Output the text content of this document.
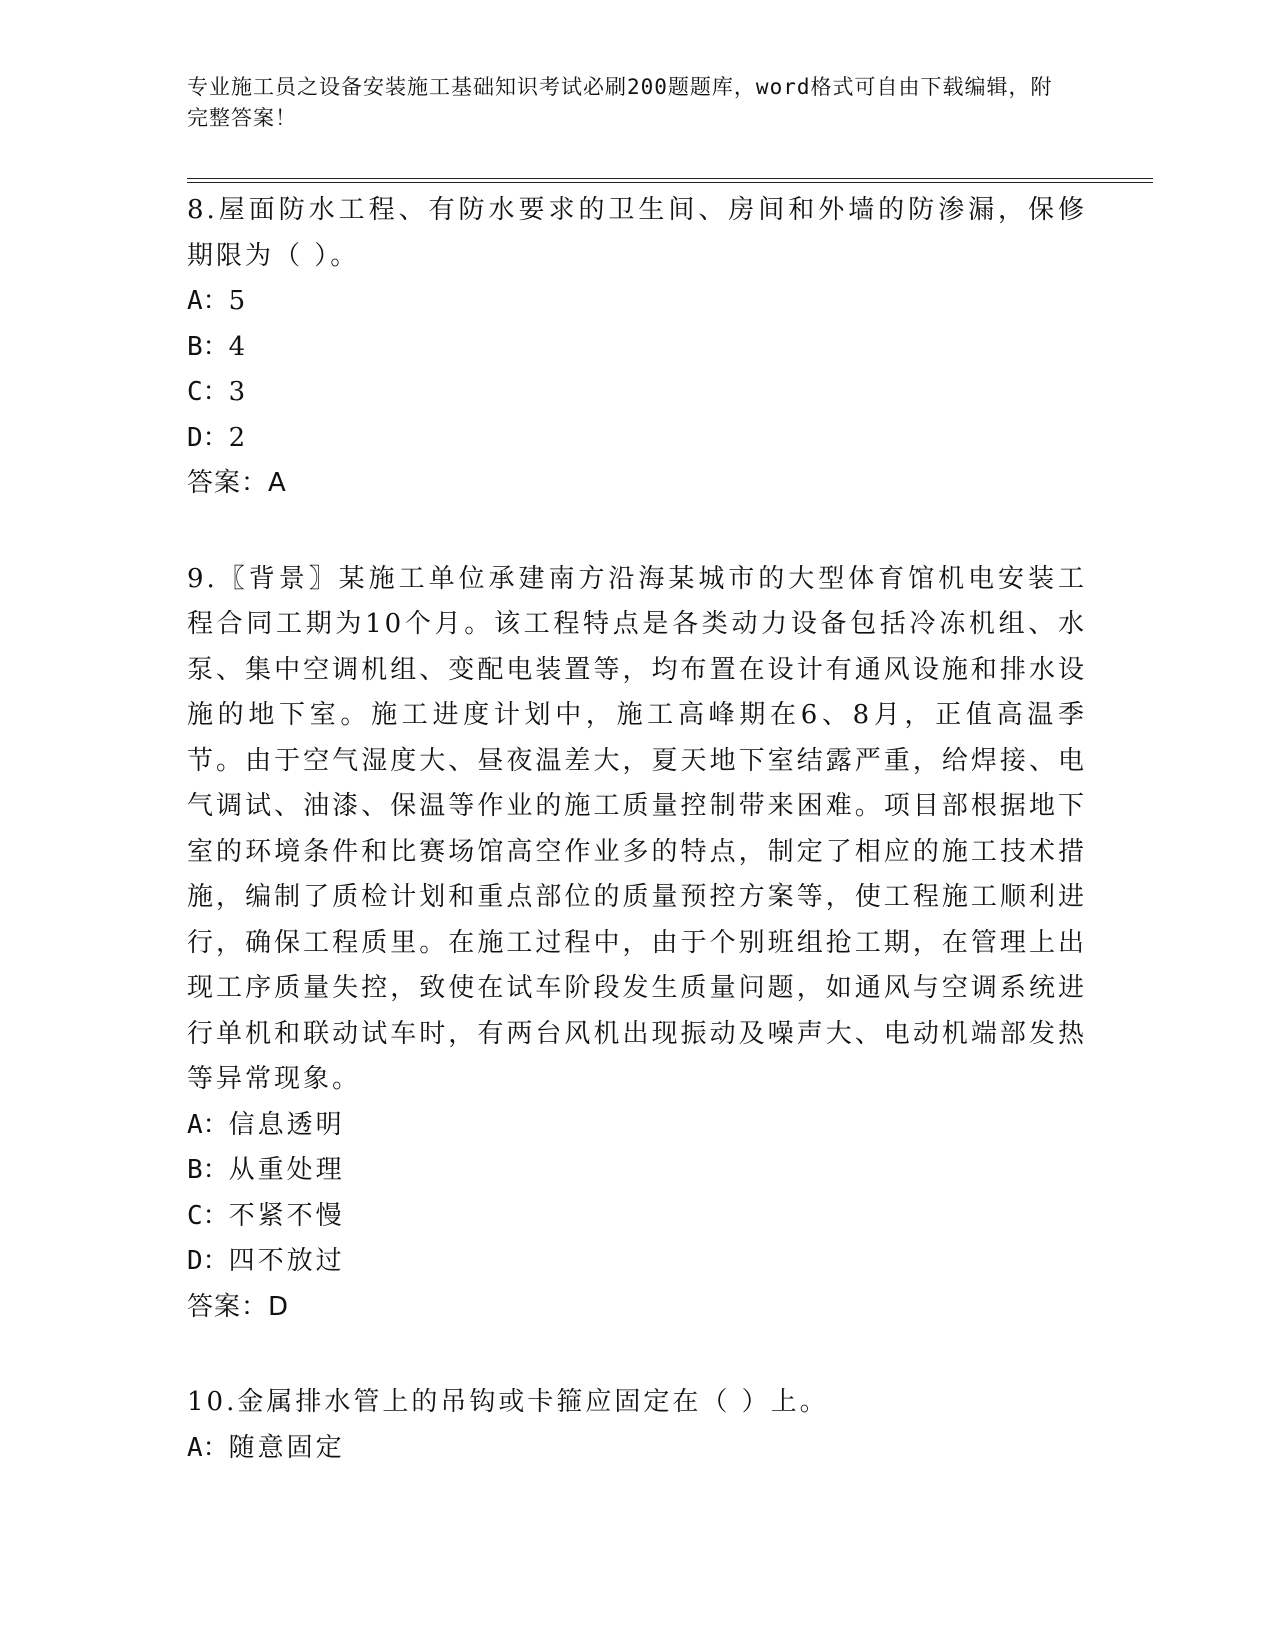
专业施工员之设备安装施工基础知识考试必刷200题题库，word格式可自由下载编辑，附完整答案！

8.屋面防水工程、有防水要求的卫生间、房间和外墙的防渗漏，保修期限为（ ）。

A：5
B：4
C：3
D：2
答案：A

9.〖背景〗某施工单位承建南方沿海某城市的大型体育馆机电安装工程合同工期为10个月。该工程特点是各类动力设备包括冷冻机组、水泵、集中空调机组、变配电装置等，均布置在设计有通风设施和排水设施的地下室。施工进度计划中，施工高峰期在6、8月，正值高温季节。由于空气湿度大、昼夜温差大，夏天地下室结露严重，给焊接、电气调试、油漆、保温等作业的施工质量控制带来困难。项目部根据地下室的环境条件和比赛场馆高空作业多的特点，制定了相应的施工技术措施，编制了质检计划和重点部位的质量预控方案等，使工程施工顺利进行，确保工程质里。在施工过程中，由于个别班组抢工期，在管理上出现工序质量失控，致使在试车阶段发生质量问题，如通风与空调系统进行单机和联动试车时，有两台风机出现振动及噪声大、电动机端部发热等异常现象。

A：信息透明
B：从重处理
C：不紧不慢
D：四不放过
答案：D

10.金属排水管上的吊钩或卡箍应固定在（ ）上。

A：随意固定
